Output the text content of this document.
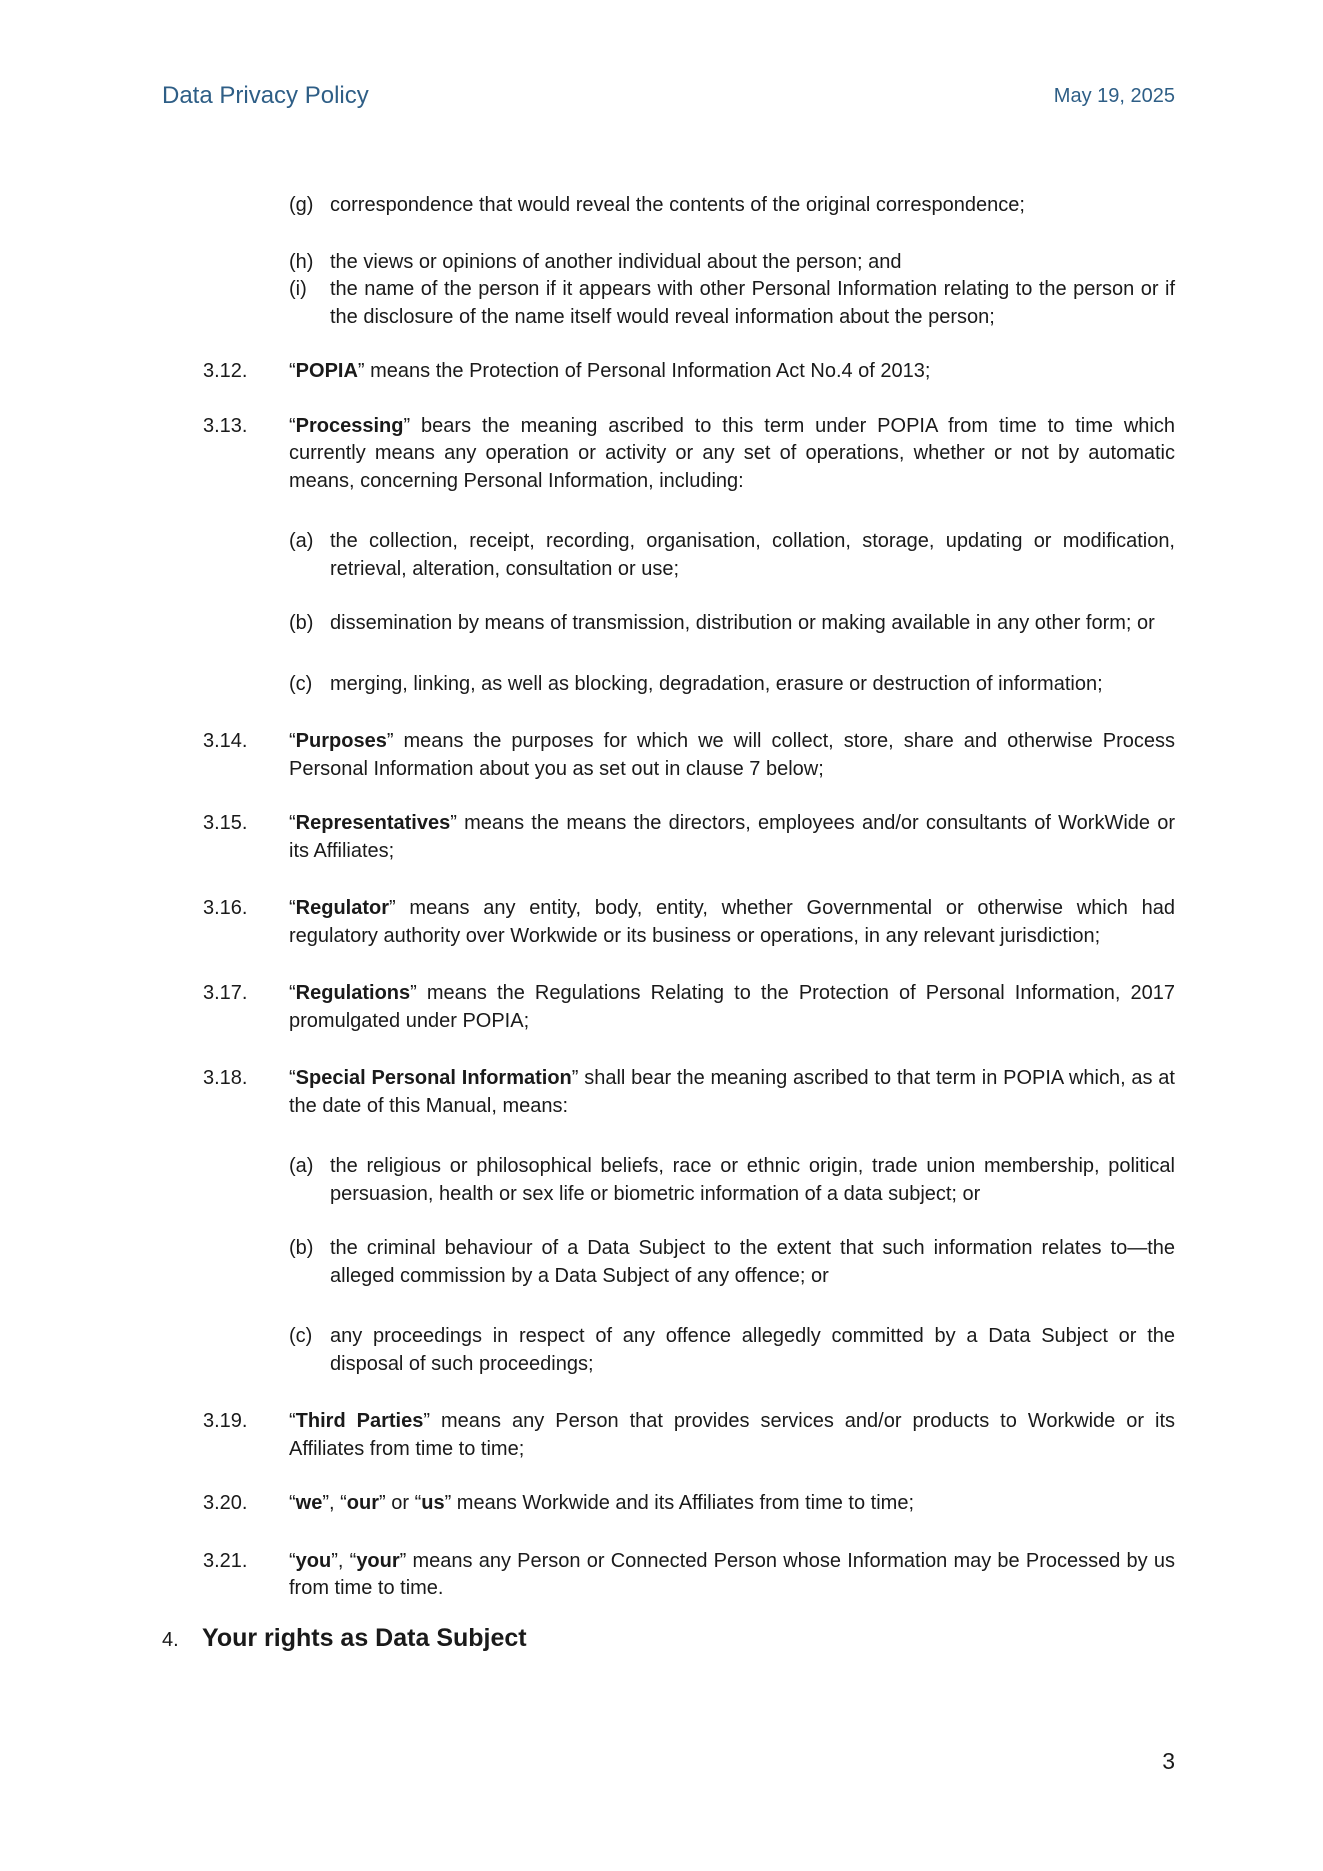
Data Privacy Policy	May 19, 2025
(g) correspondence that would reveal the contents of the original correspondence;
(h) the views or opinions of another individual about the person; and
(i)	the name of the person if it appears with other Personal Information relating to the person or if the disclosure of the name itself would reveal information about the person;
3.12.	“POPIA” means the Protection of Personal Information Act No.4 of 2013;
3.13.	“Processing” bears the meaning ascribed to this term under POPIA from time to time which currently means any operation or activity or any set of operations, whether or not by automatic means, concerning Personal Information, including:
(a) the collection, receipt, recording, organisation, collation, storage, updating or modification, retrieval, alteration, consultation or use;
(b) dissemination by means of transmission, distribution or making available in any other form; or
(c) merging, linking, as well as blocking, degradation, erasure or destruction of information;
3.14.	“Purposes” means the purposes for which we will collect, store, share and otherwise Process Personal Information about you as set out in clause 7 below;
3.15.	“Representatives” means the means the directors, employees and/or consultants of WorkWide or its Affiliates;
3.16.	“Regulator” means any entity, body, entity, whether Governmental or otherwise which had regulatory authority over Workwide or its business or operations, in any relevant jurisdiction;
3.17.	“Regulations” means the Regulations Relating to the Protection of Personal Information, 2017 promulgated under POPIA;
3.18.	“Special Personal Information” shall bear the meaning ascribed to that term in POPIA which, as at the date of this Manual, means:
(a) the religious or philosophical beliefs, race or ethnic origin, trade union membership, political persuasion, health or sex life or biometric information of a data subject; or
(b) the criminal behaviour of a Data Subject to the extent that such information relates to—the alleged commission by a Data Subject of any offence; or
(c) any proceedings in respect of any offence allegedly committed by a Data Subject or the disposal of such proceedings;
3.19.	“Third Parties” means any Person that provides services and/or products to Workwide or its Affiliates from time to time;
3.20.	“we”, “our” or “us” means Workwide and its Affiliates from time to time;
3.21.	“you”, “your” means any Person or Connected Person whose Information may be Processed by us from time to time.
4. Your rights as Data Subject
3
